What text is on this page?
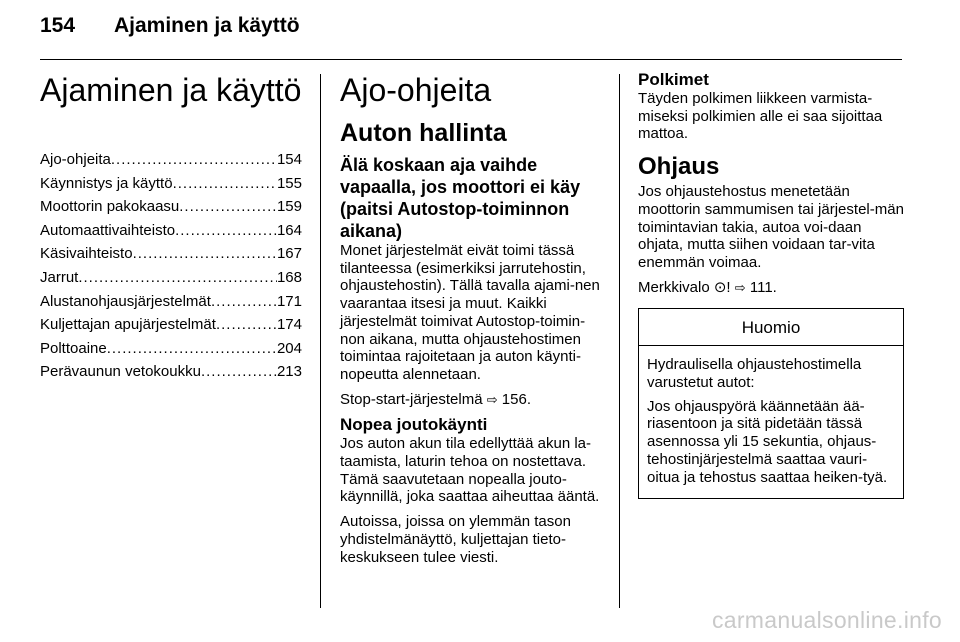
154 Ajaminen ja käyttö
Ajaminen ja käyttö
Ajo-ohjeita .....	154
Käynnistys ja käyttö .....	155
Moottorin pakokaasu .....	159
Automaattivaihteisto .....	164
Käsivaihteisto .....	167
Jarrut .....	168
Alustanohjausjärjestelmät .....	171
Kuljettajan apujärjestelmät .....	174
Polttoaine .....	204
Perävaunun vetokoukku .....	213
Ajo-ohjeita
Auton hallinta
Älä koskaan aja vaihde vapaalla, jos moottori ei käy (paitsi Autostop-toiminnon aikana)

Monet järjestelmät eivät toimi tässä tilanteessa (esimerkiksi jarrutehostin, ohjaustehostin). Tällä tavalla ajami-nen vaarantaa itsesi ja muut. Kaikki järjestelmät toimivat Autostop-toimin-non aikana, mutta ohjaustehostimen toimintaa rajoitetaan ja auton käynti-nopeutta alennetaan.

Stop-start-järjestelmä ⇨ 156.

Nopea joutokäynti

Jos auton akun tila edellyttää akun la-taamista, laturin tehoa on nostettava. Tämä saavutetaan nopealla jouto-käynnillä, joka saattaa aiheuttaa ääntä.

Autoissa, joissa on ylemmän tason yhdistelmänäyttö, kuljettajan tieto-keskukseen tulee viesti.

Polkimet

Täyden polkimen liikkeen varmista-miseksi polkimien alle ei saa sijoittaa mattoa.

Ohjaus

Jos ohjaustehostus menetetään moottorin sammumisen tai järjestel-män toimintavian takia, autoa voi-daan ohjata, mutta siihen voidaan tar-vita enemmän voimaa.

Merkkivalo ⊙! ⇨ 111.

Huomio

Hydraulisella ohjaustehostimella varustetut autot:

Jos ohjauspyörä käännetään ää-riasentoon ja sitä pidetään tässä asennossa yli 15 sekuntia, ohjaus-tehostinjärjestelmä saattaa vauri-oitua ja tehostus saattaa heiken-tyä.

carmanualsonline.info
